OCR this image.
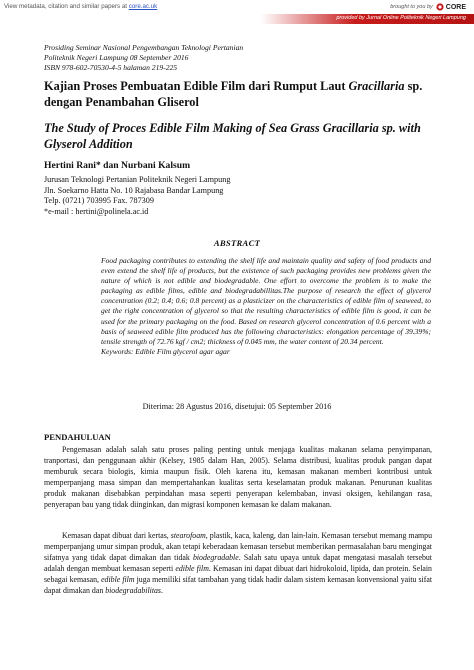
View metadata, citation and similar papers at core.ac.uk	brought to you by CORE
provided by Jurnal Online Politeknik Negeri Lampung
Prosiding Seminar Nasional Pengembangan Teknologi Pertanian
Politeknik Negeri Lampung 08 September 2016
ISBN 978-602-70530-4-5 halaman 219-225
Kajian Proses Pembuatan Edible Film dari Rumput Laut Gracillaria sp. dengan Penambahan Gliserol
The Study of Proces Edible Film Making of Sea Grass Gracillaria sp. with Glyserol Addition
Hertini Rani* dan Nurbani Kalsum
Jurusan Teknologi Pertanian Politeknik Negeri Lampung
Jln. Soekarno Hatta No. 10 Rajabasa Bandar Lampung
Telp. (0721) 703995 Fax. 787309
*e-mail : hertini@polinela.ac.id
ABSTRACT
Food packaging contributes to extending the shelf life and maintain quality and safety of food products and even extend the shelf life of products, but the existence of such packaging provides new problems given the nature of which is not edible and biodegradable. One effort to overcome the problem is to make the packaging as edible films, edible and biodegradabillitas.The purpose of research the effect of glycerol concentration (0.2; 0.4; 0.6; 0.8 percent) as a plasticizer on the characteristics of edible film of seaweed, to get the right concentration of glycerol so that the resulting characteristics of edible film is good, it can be used for the primary packaging on the food. Based on research glycerol concentration of 0.6 percent with a basis of seaweed edible film produced has the following characteristics: elongation percentage of 39.39%; tensile strength of 72.76 kgf / cm2; thickness of 0.045 mm, the water content of 20.34 percent.
Keywords: Edible Film glycerol agar agar
Diterima: 28 Agustus 2016, disetujui: 05 September 2016
PENDAHULUAN
Pengemasan adalah salah satu proses paling penting untuk menjaga kualitas makanan selama penyimpanan, tranportasi, dan penggunaan akhir (Kelsey, 1985 dalam Han, 2005). Selama distribusi, kualitas produk pangan dapat memburuk secara biologis, kimia maupun fisik. Oleh karena itu, kemasan makanan memberi kontribusi untuk memperpanjang masa simpan dan mempertahankan kualitas serta keselamatan produk makanan. Penurunan kualitas produk makanan disebabkan perpindahan masa seperti penyerapan kelembaban, invasi oksigen, kehilangan rasa, penyerapan bau yang tidak diinginkan, dan migrasi komponen kemasan ke dalam makanan.
Kemasan dapat dibuat dari kertas, stearofoam, plastik, kaca, kaleng, dan lain-lain. Kemasan tersebut memang mampu memperpanjang umur simpan produk, akan tetapi keberadaan kemasan tersebut memberikan permasalahan baru mengingat sifatnya yang tidak dapat dimakan dan tidak biodegradable. Salah satu upaya untuk dapat mengatasi masalah tersebut adalah dengan membuat kemasan seperti edible film. Kemasan ini dapat dibuat dari hidrokoloid, lipida, dan protein. Selain sebagai kemasan, edible film juga memiliki sifat tambahan yang tidak hadir dalam sistem kemasan konvensional yaitu sifat dapat dimakan dan biodegradabilitas.
